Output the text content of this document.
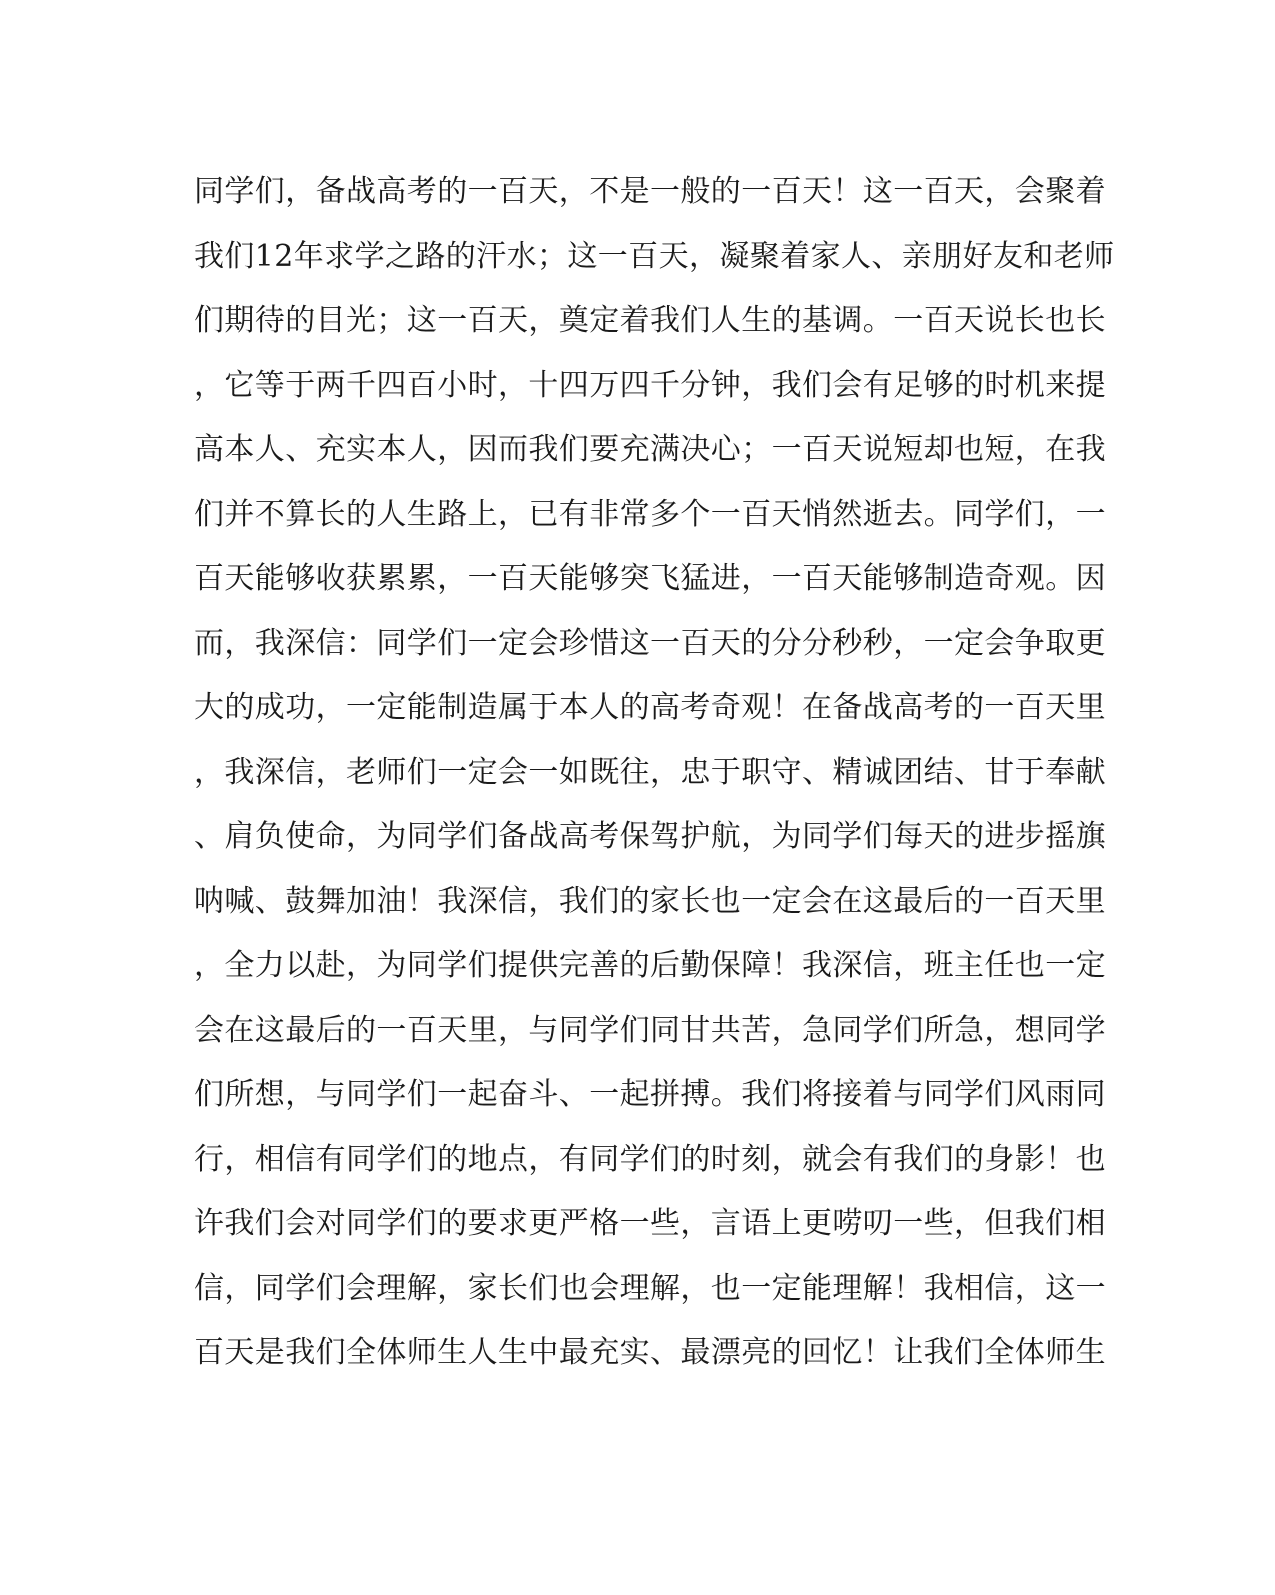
同学们，备战高考的一百天，不是一般的一百天！这一百天，会聚着
我们12年求学之路的汗水；这一百天，凝聚着家人、亲朋好友和老师
们期待的目光；这一百天，奠定着我们人生的基调。一百天说长也长
，它等于两千四百小时，十四万四千分钟，我们会有足够的时机来提
高本人、充实本人，因而我们要充满决心；一百天说短却也短，在我
们并不算长的人生路上，已有非常多个一百天悄然逝去。同学们，一
百天能够收获累累，一百天能够突飞猛进，一百天能够制造奇观。因
而，我深信：同学们一定会珍惜这一百天的分分秒秒，一定会争取更
大的成功，一定能制造属于本人的高考奇观！在备战高考的一百天里
，我深信，老师们一定会一如既往，忠于职守、精诚团结、甘于奉献
、肩负使命，为同学们备战高考保驾护航，为同学们每天的进步摇旗
呐喊、鼓舞加油！我深信，我们的家长也一定会在这最后的一百天里
，全力以赴，为同学们提供完善的后勤保障！我深信，班主任也一定
会在这最后的一百天里，与同学们同甘共苦，急同学们所急，想同学
们所想，与同学们一起奋斗、一起拼搏。我们将接着与同学们风雨同
行，相信有同学们的地点，有同学们的时刻，就会有我们的身影！也
许我们会对同学们的要求更严格一些，言语上更唠叨一些，但我们相
信，同学们会理解，家长们也会理解，也一定能理解！我相信，这一
百天是我们全体师生人生中最充实、最漂亮的回忆！让我们全体师生
